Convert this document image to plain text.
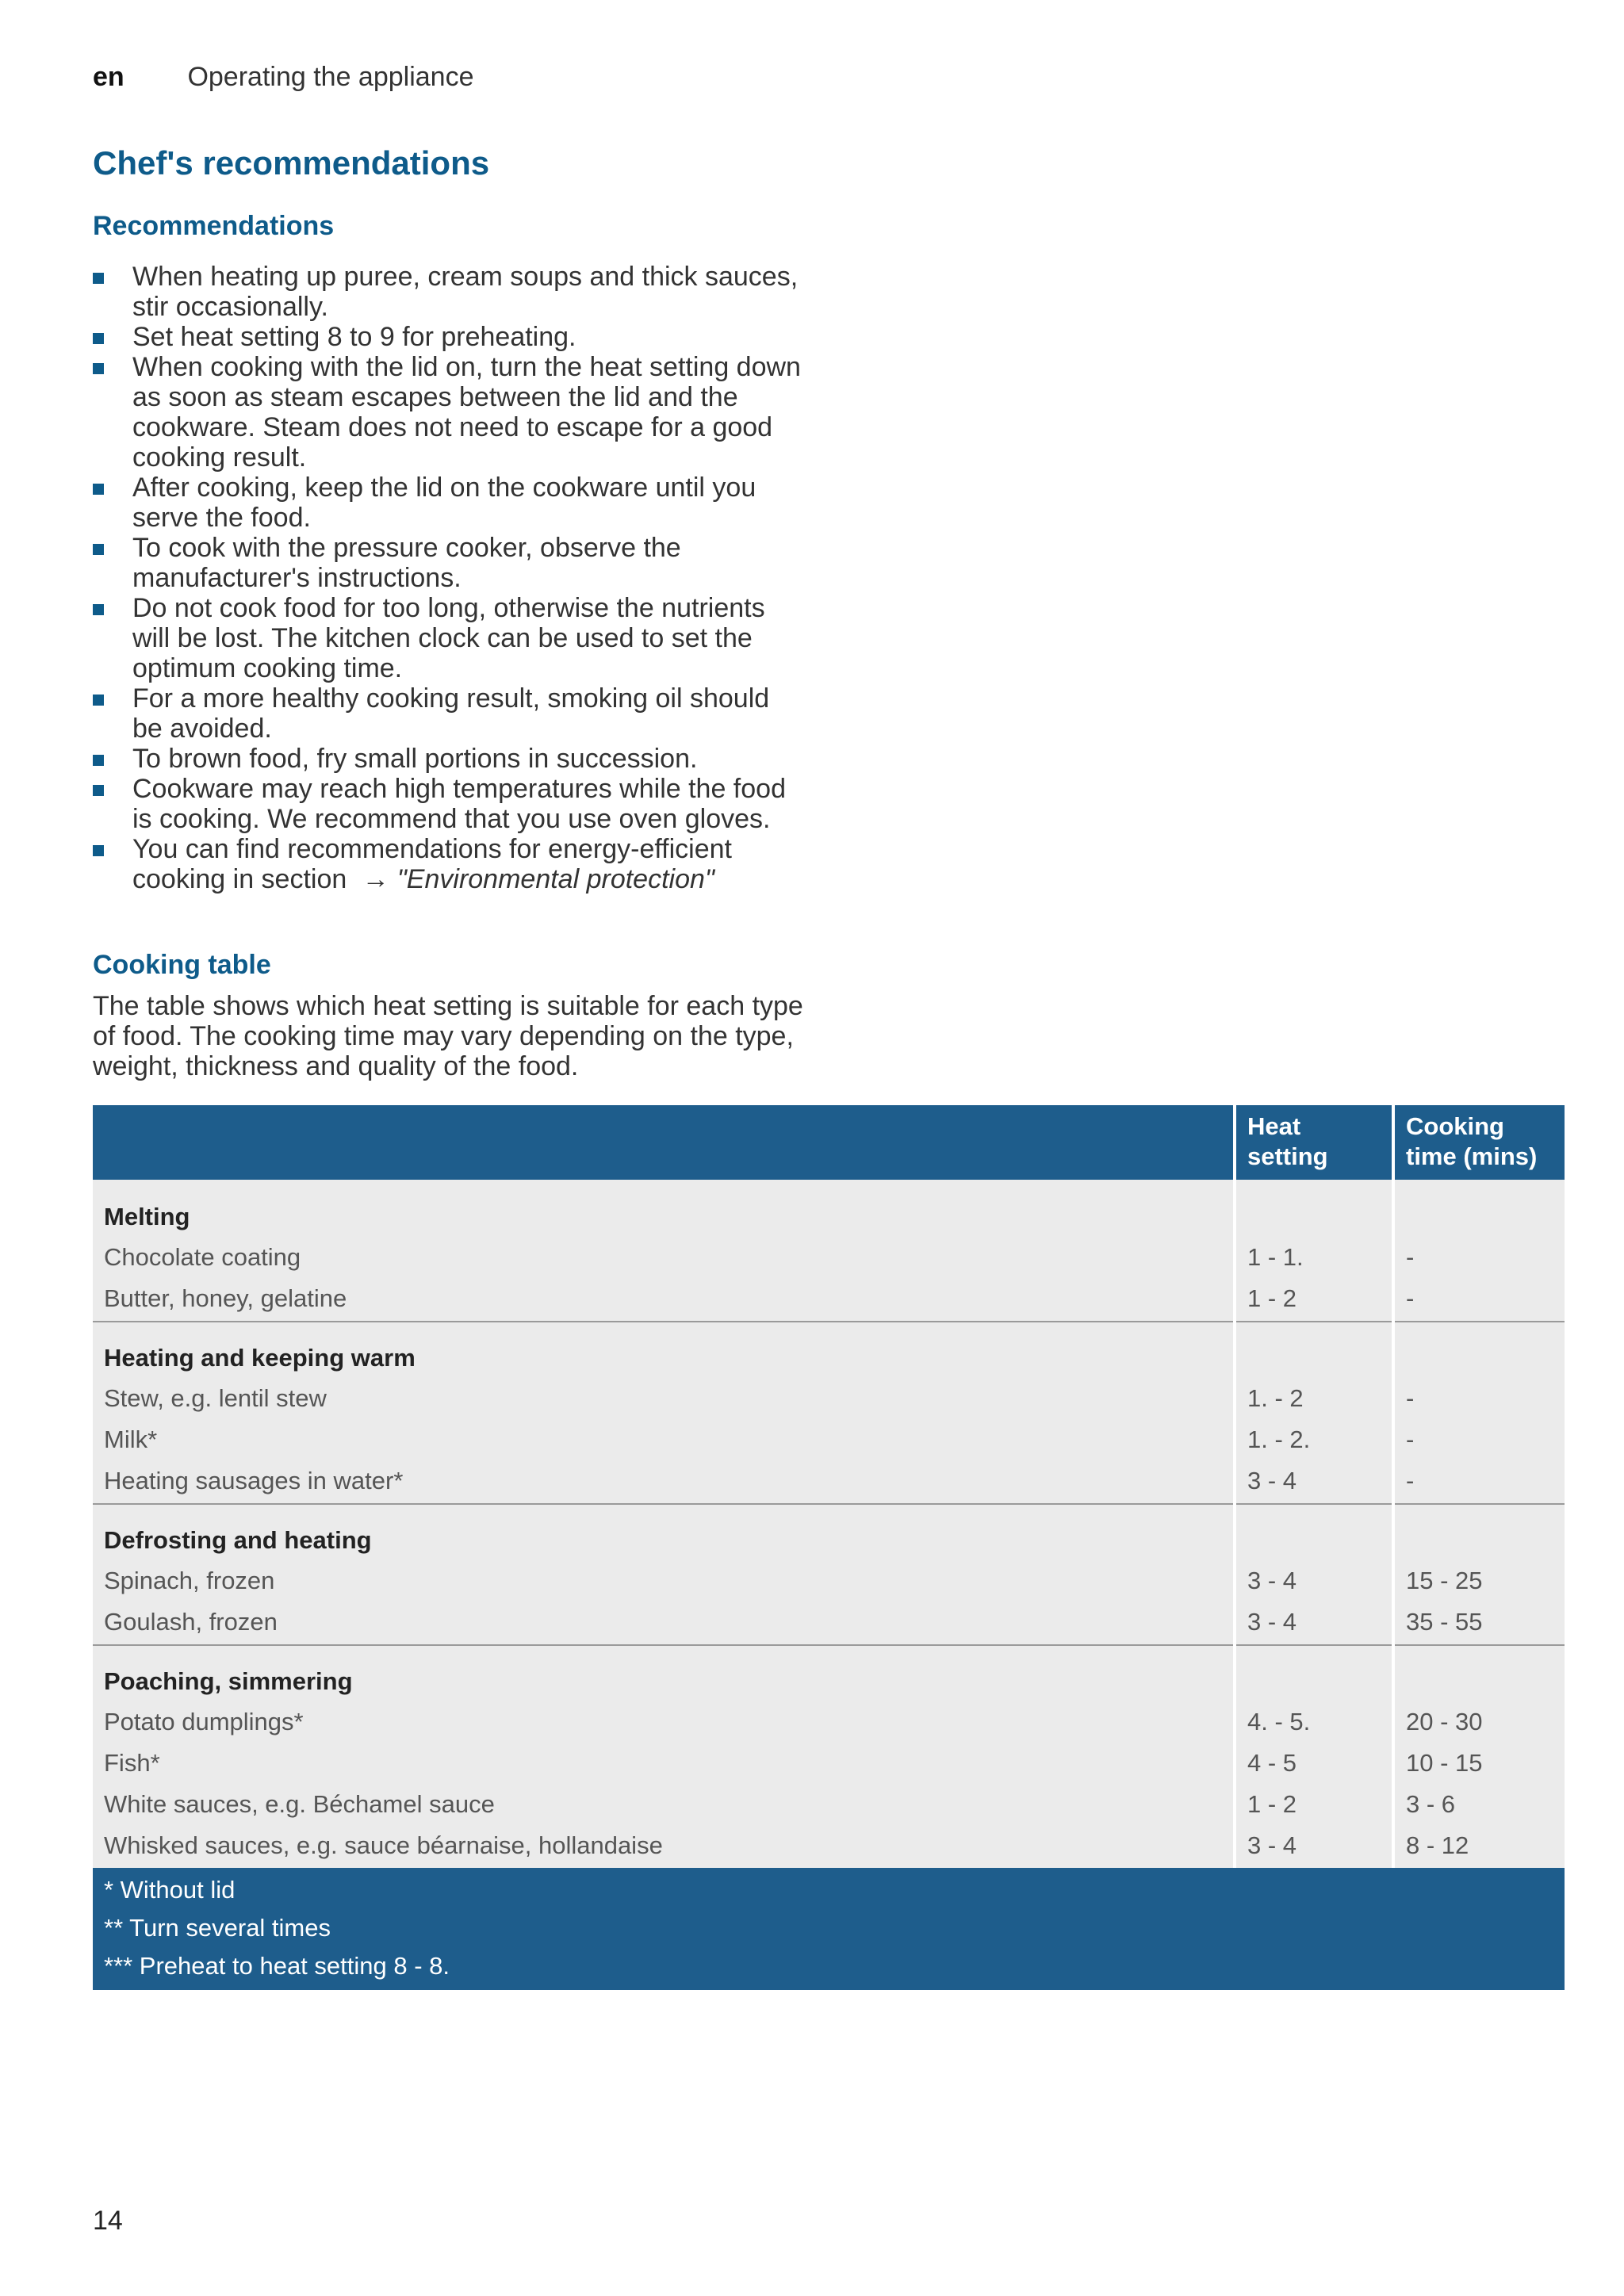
en Operating the appliance
Chef's recommendations
Recommendations
When heating up puree, cream soups and thick sauces, stir occasionally.
Set heat setting 8 to 9 for preheating.
When cooking with the lid on, turn the heat setting down as soon as steam escapes between the lid and the cookware. Steam does not need to escape for a good cooking result.
After cooking, keep the lid on the cookware until you serve the food.
To cook with the pressure cooker, observe the manufacturer's instructions.
Do not cook food for too long, otherwise the nutrients will be lost. The kitchen clock can be used to set the optimum cooking time.
For a more healthy cooking result, smoking oil should be avoided.
To brown food, fry small portions in succession.
Cookware may reach high temperatures while the food is cooking. We recommend that you use oven gloves.
You can find recommendations for energy-efficient cooking in section → "Environmental protection"
Cooking table

The table shows which heat setting is suitable for each type of food. The cooking time may vary depending on the type, weight, thickness and quality of the food.

	Heat setting	Cooking time (mins)
Melting		
Chocolate coating	1 - 1.	-
Butter, honey, gelatine	1 - 2	-
Heating and keeping warm		
Stew, e.g. lentil stew	1. - 2	-
Milk*	1. - 2.	-
Heating sausages in water*	3 - 4	-
Defrosting and heating		
Spinach, frozen	3 - 4	15 - 25
Goulash, frozen	3 - 4	35 - 55
Poaching, simmering		
Potato dumplings*	4. - 5.	20 - 30
Fish*	4 - 5	10 - 15
White sauces, e.g. Béchamel sauce	1 - 2	3 - 6
Whisked sauces, e.g. sauce béarnaise, hollandaise	3 - 4	8 - 12
* Without lid		
** Turn several times		
*** Preheat to heat setting 8 - 8.		
14
